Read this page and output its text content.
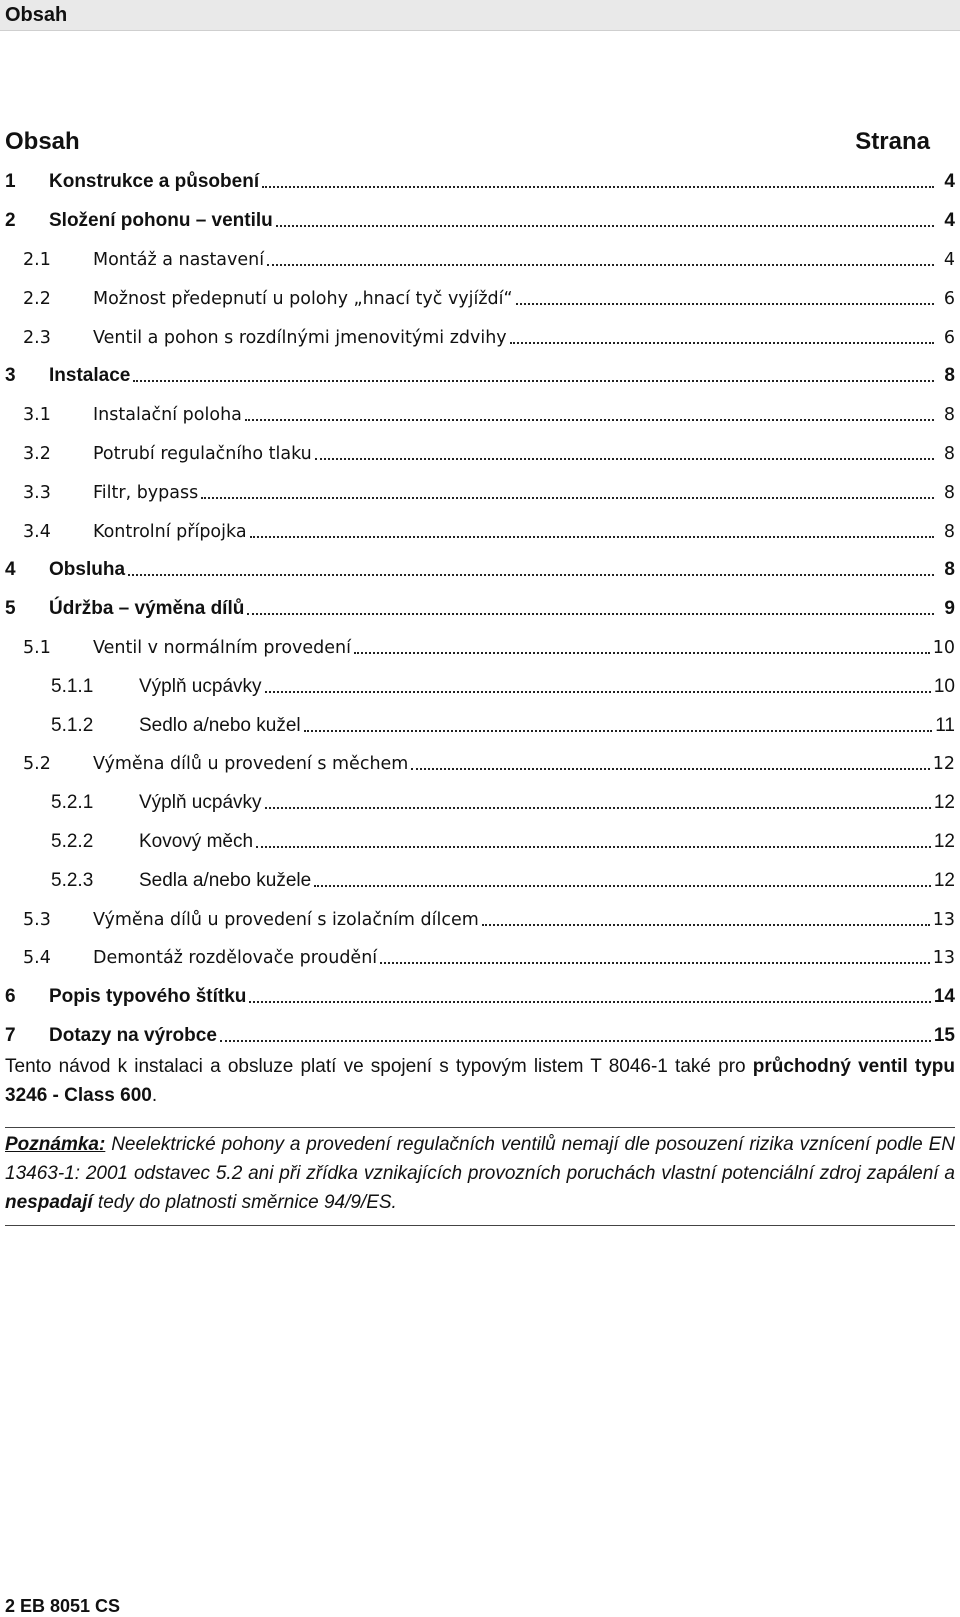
Obsah
Obsah	Strana
1	Konstrukce a působení	4
2	Složení pohonu – ventilu	4
2.1	Montáž a nastavení	4
2.2	Možnost předepnutí u polohy „hnací tyč vyjíždí“	6
2.3	Ventil a pohon s rozdílnými jmenovitými zdvihy	6
3	Instalace	8
3.1	Instalační poloha	8
3.2	Potrubí regulačního tlaku	8
3.3	Filtr, bypass	8
3.4	Kontrolní přípojka	8
4	Obsluha	8
5	Údržba – výměna dílů	9
5.1	Ventil v normálním provedení	10
5.1.1	Výplň ucpávky	10
5.1.2	Sedlo a/nebo kužel	11
5.2	Výměna dílů u provedení s měchem	12
5.2.1	Výplň ucpávky	12
5.2.2	Kovový měch	12
5.2.3	Sedla a/nebo kužele	12
5.3	Výměna dílů u provedení s izolačním dílcem	13
5.4	Demontáž rozdělovače proudění	13
6	Popis typového štítku	14
7	Dotazy na výrobce	15
Tento návod k instalaci a obsluze platí ve spojení s typovým listem T 8046-1 také pro průchodný ventil typu 3246 - Class 600.
Poznámka: Neelektrické pohony a provedení regulačních ventilů nemají dle posouzení rizika vznícení podle EN 13463-1: 2001 odstavec 5.2 ani při zřídka vznikajících provozních poruchách vlastní potenciální zdroj zapálení a nespadají tedy do platnosti směrnice 94/9/ES.
2 EB 8051 CS
